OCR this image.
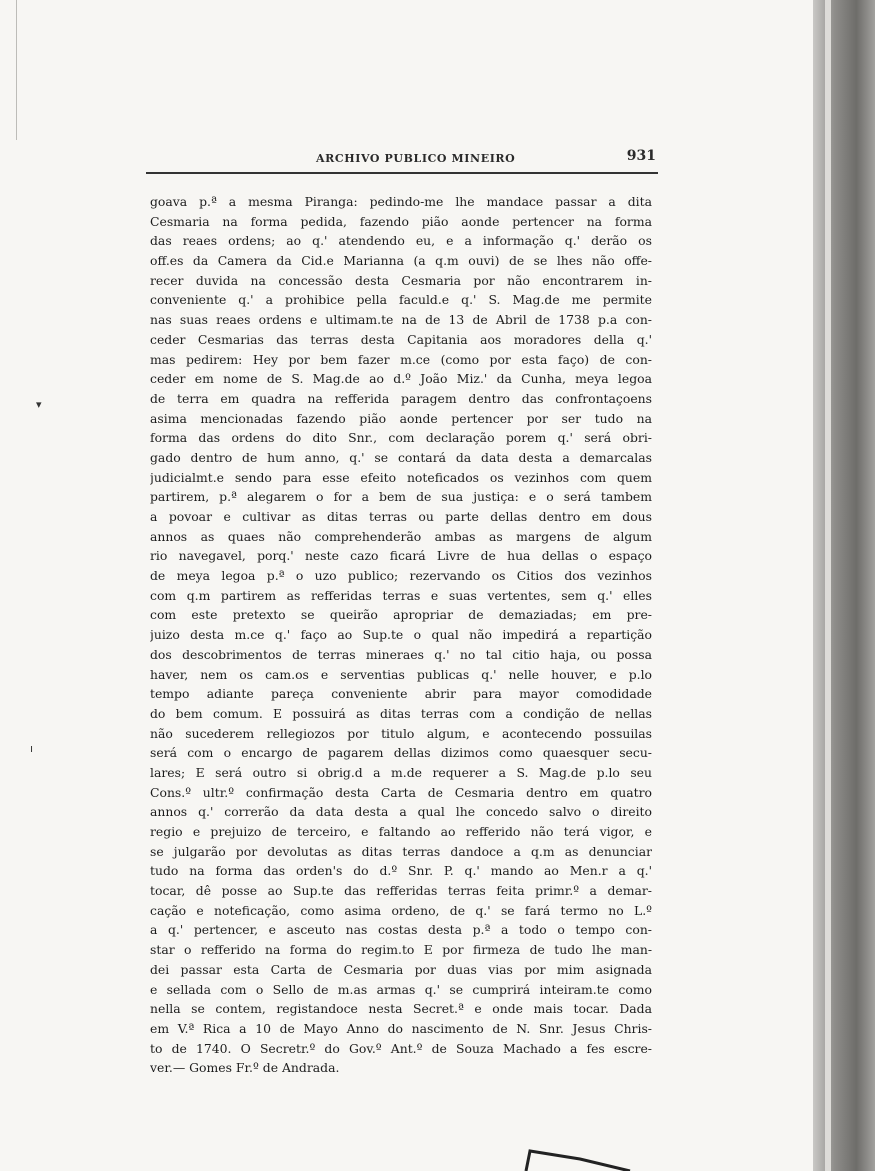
ARCHIVO PUBLICO MINEIRO	931
goava p.ª a mesma Piranga: pedindo-me lhe mandace passar a dita
Cesmaria na forma pedida, fazendo pião aonde pertencer na forma
das reaes ordens; ao q.' atendendo eu, e a informação q.' derão os
off.es da Camera da Cid.e Marianna (a q.m ouvi) de se lhes não offe-
recer duvida na concessão desta Cesmaria por não encontrarem in-
conveniente q.' a prohibice pella faculd.e q.' S. Mag.de me permite
nas suas reaes ordens e ultimam.te na de 13 de Abril de 1738 p.a con-
ceder Cesmarias das terras desta Capitania aos moradores della q.'
mas pedirem: Hey por bem fazer m.ce (como por esta faço) de con-
ceder em nome de S. Mag.de ao d.º João Miz.' da Cunha, meya legoa
de terra em quadra na refferida paragem dentro das confrontaçoens
asima mencionadas fazendo pião aonde pertencer por ser tudo na
forma das ordens do dito Snr., com declaração porem q.' será obri-
gado dentro de hum anno, q.' se contará da data desta a demarcalas
judicialmt.e sendo para esse efeito noteficados os vezinhos com quem
partirem, p.ª alegarem o for a bem de sua justiça: e o será tambem
a povoar e cultivar as ditas terras ou parte dellas dentro em dous
annos as quaes não comprehenderão ambas as margens de algum
rio navegavel, porq.' neste cazo ficará Livre de hua dellas o espaço
de meya legoa p.ª o uzo publico; rezervando os Citios dos vezinhos
com q.m partirem as refferidas terras e suas vertentes, sem q.' elles
com este pretexto se queirão apropriar de demaziadas; em pre-
juizo desta m.ce q.' faço ao Sup.te o qual não impedirá a repartição
dos descobrimentos de terras mineraes q.' no tal citio haja, ou possa
haver, nem os cam.os e serventias publicas q.' nelle houver, e p.lo
tempo adiante pareça conveniente abrir para mayor comodidade
do bem comum. E possuirá as ditas terras com a condição de nellas
não sucederem rellegiozos por titulo algum, e acontecendo possuilas
será com o encargo de pagarem dellas dizimos como quaesquer secu-
lares; E será outro si obrig.d a m.de requerer a S. Mag.de p.lo seu
Cons.º ultr.º confirmação desta Carta de Cesmaria dentro em quatro
annos q.' correrão da data desta a qual lhe concedo salvo o direito
regio e prejuizo de terceiro, e faltando ao refferido não terá vigor, e
se julgarão por devolutas as ditas terras dandoce a q.m as denunciar
tudo na forma das orden's do d.º Snr. P. q.' mando ao Men.r a q.'
tocar, dê posse ao Sup.te das refferidas terras feita primr.º a demar-
cação e noteficação, como asima ordeno, de q.' se fará termo no L.º
a q.' pertencer, e asceuto nas costas desta p.ª a todo o tempo con-
star o refferido na forma do regim.to E por firmeza de tudo lhe man-
dei passar esta Carta de Cesmaria por duas vias por mim asignada
e sellada com o Sello de m.as armas q.' se cumprirá inteiram.te como
nella se contem, registandoce nesta Secret.ª e onde mais tocar. Dada
em V.ª Rica a 10 de Mayo Anno do nascimento de N. Snr. Jesus Chris-
to de 1740. O Secretr.º do Gov.º Ant.º de Souza Machado a fes escre-
ver.— Gomes Fr.º de Andrada.
▾
ı
